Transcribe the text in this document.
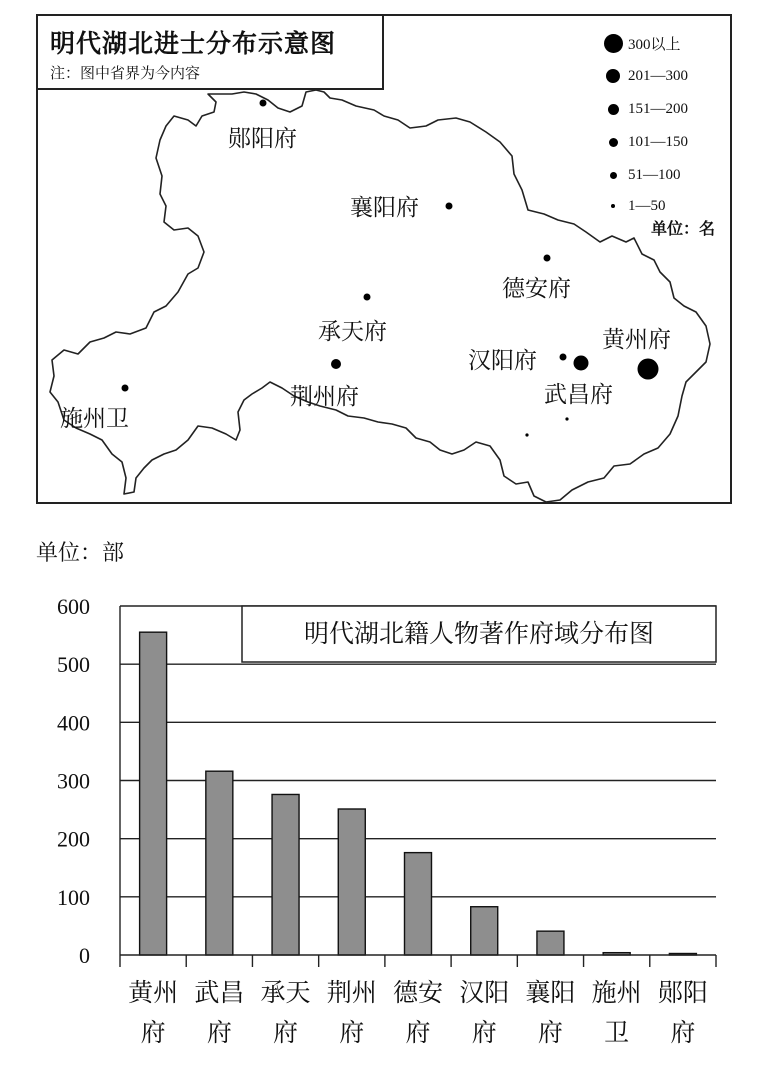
明代湖北进士分布示意图
注：图中省界为今内容
300以上
201—300
151—200
101—150
51—100
1—50
单位：名
郧阳府
襄阳府
德安府
承天府
荆州府
汉阳府
武昌府
黄州府
施州卫
单位：部
0
100
200
300
400
500
600
黄州
府
武昌
府
承天
府
荆州
府
德安
府
汉阳
府
襄阳
府
施州
卫
郧阳
府
明代湖北籍人物著作府域分布图
